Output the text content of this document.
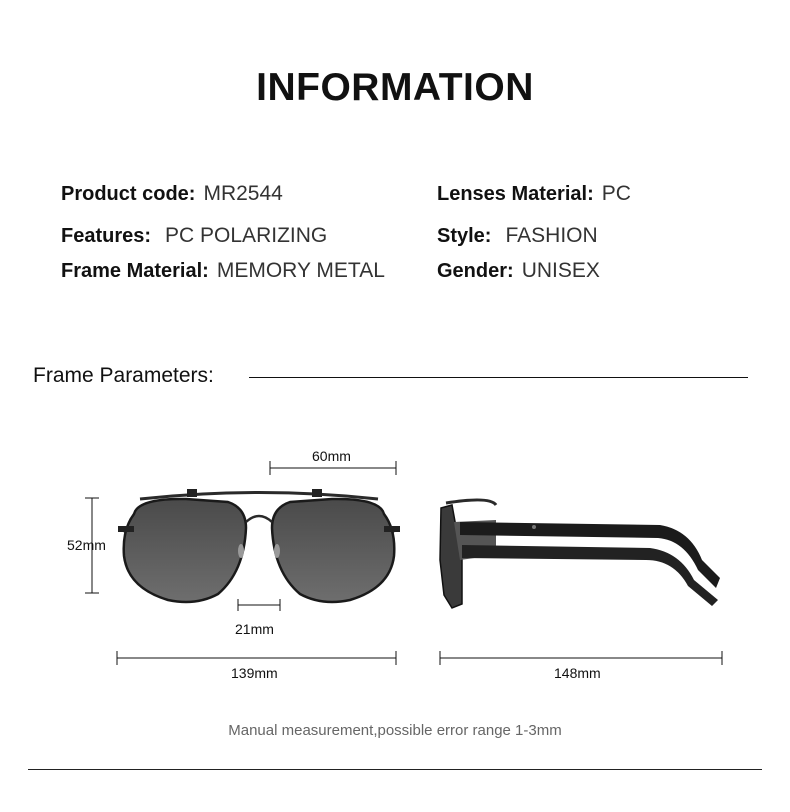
INFORMATION
Product code: MR2544	Lenses Material: PC
Features: PC POLARIZING	Style: FASHION
Frame Material: MEMORY METAL	Gender: UNISEX
Frame Parameters:
60mm
52mm
21mm
139mm	148mm
Manual measurement,possible error range 1-3mm
